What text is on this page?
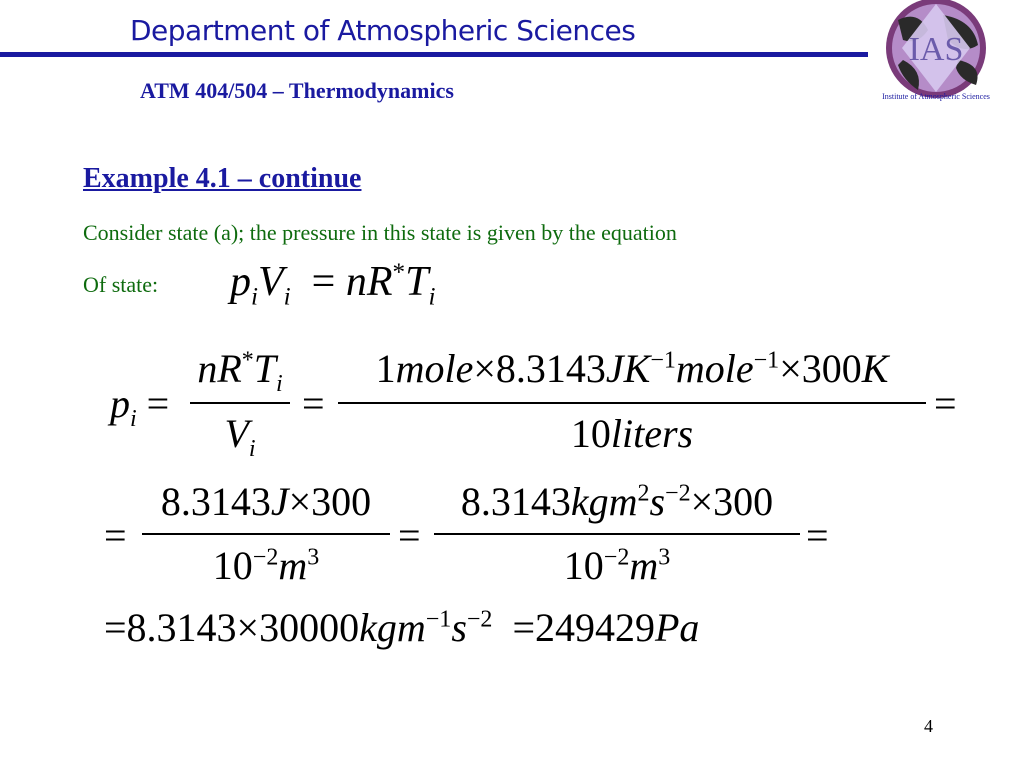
Department of Atmospheric Sciences
ATM 404/504 – Thermodynamics
IAS
Institute of Atmospheric Sciences
Example 4.1 – continue
Consider state (a); the pressure in this state is given by the equation
Of state: $p_iV_i = nR^*T_i$
$p_i$ =
$nR^*T_i$
$V_i$
=
$1mole\times 8.3143JK^{-1}mole^{-1}\times 300K$
10liters
=
=
8.3143J×300
$10^{-2}m^3$	=
$8.3143kgm^2s^{-2}\times 300$
$10^{-2}m^3$	=
$=8.3143\times 30000kgm^{-1}s^{-2} =249429Pa$
4
